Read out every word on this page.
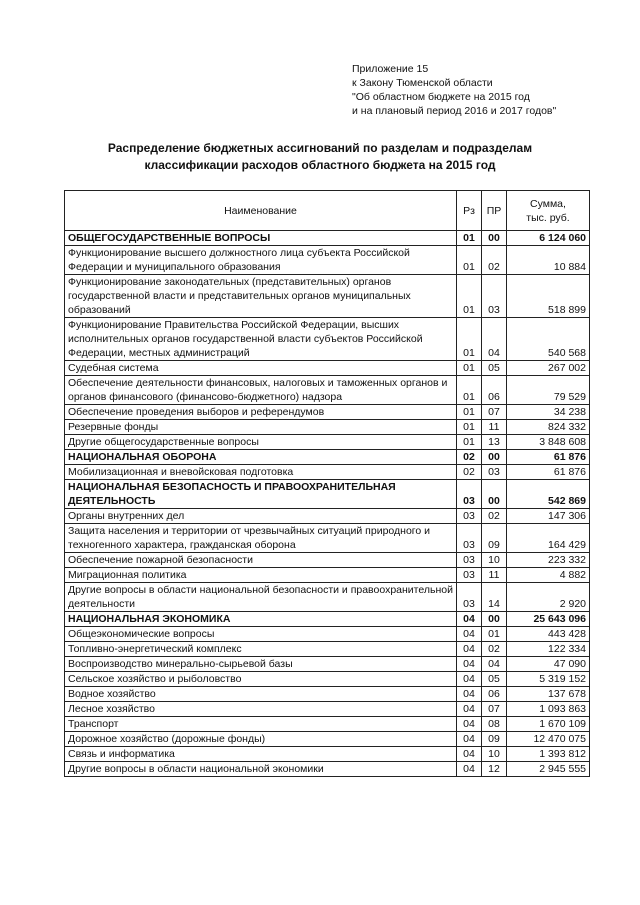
Приложение 15
к Закону Тюменской области
"Об областном бюджете на 2015 год
и на плановый период 2016 и 2017 годов"
Распределение бюджетных ассигнований по разделам и подразделам
классификации расходов областного бюджета на 2015 год
Наименование	Рз	ПР	Сумма,
тыс. руб.

ОБЩЕГОСУДАРСТВЕННЫЕ ВОПРОСЫ	01	00	6 124 060
Функционирование высшего должностного лица субъекта Российской Федерации и муниципального образования	01	02	10 884
Функционирование законодательных (представительных) органов государственной власти и представительных органов муниципальных образований	01	03	518 899
Функционирование Правительства Российской Федерации, высших исполнительных органов государственной власти субъектов Российской Федерации, местных администраций	01	04	540 568
Судебная система	01	05	267 002
Обеспечение деятельности финансовых, налоговых и таможенных органов и органов финансового (финансово-бюджетного) надзора	01	06	79 529
Обеспечение проведения выборов и референдумов	01	07	34 238
Резервные фонды	01	11	824 332
Другие общегосударственные вопросы	01	13	3 848 608
НАЦИОНАЛЬНАЯ ОБОРОНА	02	00	61 876
Мобилизационная и вневойсковая подготовка	02	03	61 876
НАЦИОНАЛЬНАЯ БЕЗОПАСНОСТЬ И ПРАВООХРАНИТЕЛЬНАЯ ДЕЯТЕЛЬНОСТЬ	03	00	542 869
Органы внутренних дел	03	02	147 306
Защита населения и территории от чрезвычайных ситуаций природного и техногенного характера, гражданская оборона	03	09	164 429
Обеспечение пожарной безопасности	03	10	223 332
Миграционная политика	03	11	4 882
Другие вопросы в области национальной безопасности и правоохранительной деятельности	03	14	2 920
НАЦИОНАЛЬНАЯ ЭКОНОМИКА	04	00	25 643 096
Общеэкономические вопросы	04	01	443 428
Топливно-энергетический комплекс	04	02	122 334
Воспроизводство минерально-сырьевой базы	04	04	47 090
Сельское хозяйство и рыболовство	04	05	5 319 152
Водное хозяйство	04	06	137 678
Лесное хозяйство	04	07	1 093 863
Транспорт	04	08	1 670 109
Дорожное хозяйство (дорожные фонды)	04	09	12 470 075
Связь и информатика	04	10	1 393 812
Другие вопросы в области национальной экономики	04	12	2 945 555
